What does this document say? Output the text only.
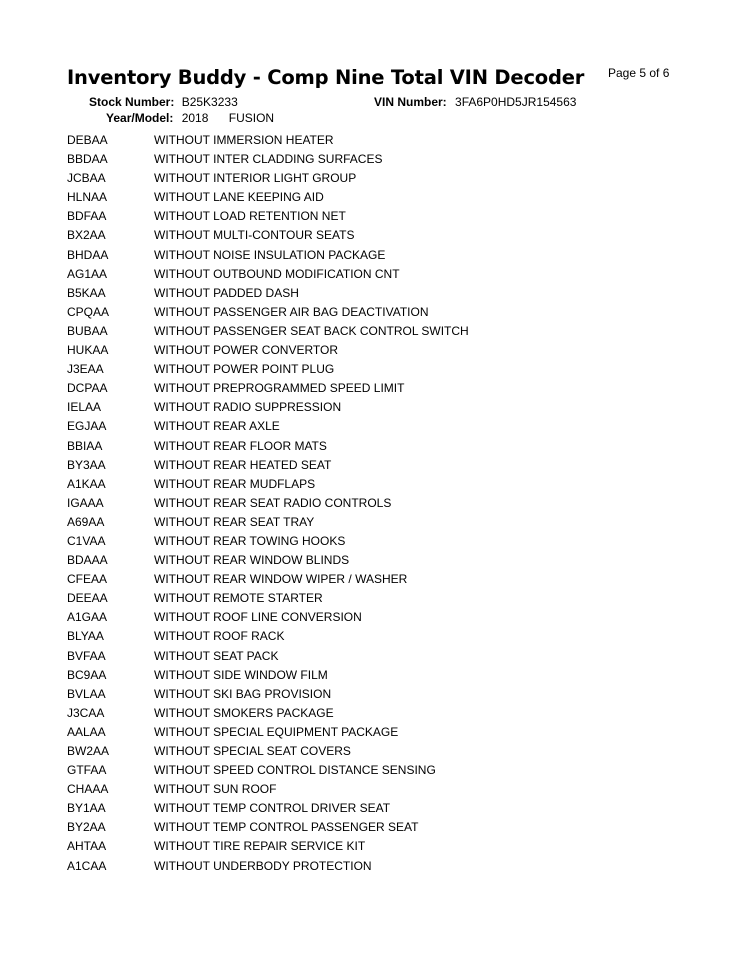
Inventory Buddy - Comp Nine Total VIN Decoder Page 5 of 6
Stock Number: B25K3233	VIN Number: 3FA6P0HD5JR154563
Year/Model: 2018 FUSION
DEBAA	WITHOUT IMMERSION HEATER
BBDAA	WITHOUT INTER CLADDING SURFACES
JCBAA	WITHOUT INTERIOR LIGHT GROUP
HLNAA	WITHOUT LANE KEEPING AID
BDFAA	WITHOUT LOAD RETENTION NET
BX2AA	WITHOUT MULTI-CONTOUR SEATS
BHDAA	WITHOUT NOISE INSULATION PACKAGE
AG1AA	WITHOUT OUTBOUND MODIFICATION CNT
B5KAA	WITHOUT PADDED DASH
CPQAA	WITHOUT PASSENGER AIR BAG DEACTIVATION
BUBAA	WITHOUT PASSENGER SEAT BACK CONTROL SWITCH
HUKAA	WITHOUT POWER CONVERTOR
J3EAA	WITHOUT POWER POINT PLUG
DCPAA	WITHOUT PREPROGRAMMED SPEED LIMIT
IELAA	WITHOUT RADIO SUPPRESSION
EGJAA	WITHOUT REAR AXLE
BBIAA	WITHOUT REAR FLOOR MATS
BY3AA	WITHOUT REAR HEATED SEAT
A1KAA	WITHOUT REAR MUDFLAPS
IGAAA	WITHOUT REAR SEAT RADIO CONTROLS
A69AA	WITHOUT REAR SEAT TRAY
C1VAA	WITHOUT REAR TOWING HOOKS
BDAAA	WITHOUT REAR WINDOW BLINDS
CFEAA	WITHOUT REAR WINDOW WIPER / WASHER
DEEAA	WITHOUT REMOTE STARTER
A1GAA	WITHOUT ROOF LINE CONVERSION
BLYAA	WITHOUT ROOF RACK
BVFAA	WITHOUT SEAT PACK
BC9AA	WITHOUT SIDE WINDOW FILM
BVLAA	WITHOUT SKI BAG PROVISION
J3CAA	WITHOUT SMOKERS PACKAGE
AALAA	WITHOUT SPECIAL EQUIPMENT PACKAGE
BW2AA	WITHOUT SPECIAL SEAT COVERS
GTFAA	WITHOUT SPEED CONTROL DISTANCE SENSING
CHAAA	WITHOUT SUN ROOF
BY1AA	WITHOUT TEMP CONTROL DRIVER SEAT
BY2AA	WITHOUT TEMP CONTROL PASSENGER SEAT
AHTAA	WITHOUT TIRE REPAIR SERVICE KIT
A1CAA	WITHOUT UNDERBODY PROTECTION
